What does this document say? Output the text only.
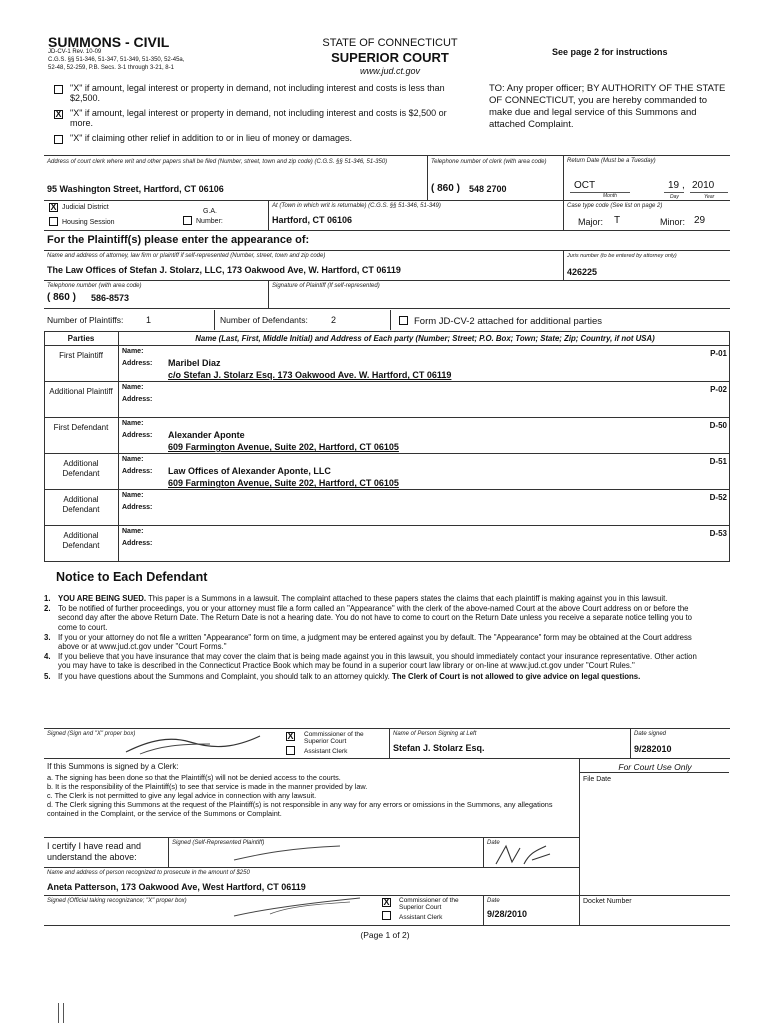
SUMMONS - CIVIL
JD-CV-1 Rev. 10-09
C.G.S. §§ 51-346, 51-347, 51-349, 51-350, 52-45a,
52-48, 52-259, P.B. Secs. 3-1 through 3-21, 8-1
STATE OF CONNECTICUT
SUPERIOR COURT
www.jud.ct.gov
See page 2 for instructions
TO: Any proper officer; BY AUTHORITY OF THE STATE OF CONNECTICUT, you are hereby commanded to make due and legal service of this Summons and attached Complaint.
"X" if amount, legal interest or property in demand, not including interest and costs is less than $2,500.
X "X" if amount, legal interest or property in demand, not including interest and costs is $2,500 or more.
"X" if claiming other relief in addition to or in lieu of money or damages.
Address of court clerk where writ and other papers shall be filed (Number, street, town and zip code) (C.G.S. §§ 51-346, 51-350)
95 Washington Street, Hartford, CT 06106
Telephone number of clerk (with area code)
( 860 ) 548 2700
Return Date (Must be a Tuesday)
OCT	19 , 2010
Month	Day	Year
X Judicial District
Housing Session
G.A.
Number:
At (Town in which writ is returnable) (C.G.S. §§ 51-346, 51-349)
Hartford, CT 06106
Case type code (See list on page 2)
Major: T	Minor: 29
For the Plaintiff(s) please enter the appearance of:
Name and address of attorney, law firm or plaintiff if self-represented (Number, street, town and zip code)
The Law Offices of Stefan J. Stolarz, LLC, 173 Oakwood Ave, W. Hartford, CT 06119
Juris number (to be entered by attorney only)
426225
Telephone number (with area code)
( 860 ) 586-8573
Signature of Plaintiff (If self-represented)
Number of Plaintiffs:	1	Number of Defendants:	2	Form JD-CV-2 attached for additional parties
Parties	Name (Last, First, Middle Initial) and Address of Each party (Number; Street; P.O. Box; Town; State; Zip; Country, if not USA)
First Plaintiff	Name:
Address: Maribel Diaz
c/o Stefan J. Stolarz Esq. 173 Oakwood Ave. W. Hartford, CT 06119
P-01
Additional Plaintiff	Name:
Address:
P-02
First Defendant	Name:
Address: Alexander Aponte
609 Farmington Avenue, Suite 202, Hartford, CT 06105
D-50
Additional Defendant
Name:
Address: Law Offices of Alexander Aponte, LLC
609 Farmington Avenue, Suite 202, Hartford, CT 06105
D-51
Additional Defendant
Name:
Address:
D-52
Additional Defendant
Name:
Address:
D-53
Notice to Each Defendant
1. YOU ARE BEING SUED. This paper is a Summons in a lawsuit. The complaint attached to these papers states the claims that each plaintiff is making against you in this lawsuit.
2. To be notified of further proceedings, you or your attorney must file a form called an "Appearance" with the clerk of the above-named Court at the above Court address on or before the second day after the above Return Date. The Return Date is not a hearing date. You do not have to come to court on the Return Date unless you receive a separate notice telling you to come to court.
3. If you or your attorney do not file a written "Appearance" form on time, a judgment may be entered against you by default. The "Appearance" form may be obtained at the Court address above or at www.jud.ct.gov under "Court Forms."
4. If you believe that you have insurance that may cover the claim that is being made against you in this lawsuit, you should immediately contact your insurance representative. Other action you may have to take is described in the Connecticut Practice Book which may be found in a superior court law library or on-line at www.jud.ct.gov under "Court Rules."
5. If you have questions about the Summons and Complaint, you should talk to an attorney quickly. The Clerk of Court is not allowed to give advice on legal questions.
Signed (Sign and "X" proper box)	X Commissioner of the Superior Court
Assistant Clerk
Name of Person Signing at Left
Stefan J. Stolarz Esq.
Date signed
9/282010
If this Summons is signed by a Clerk:
a. The signing has been done so that the Plaintiff(s) will not be denied access to the courts.
b. It is the responsibility of the Plaintiff(s) to see that service is made in the manner provided by law.
c. The Clerk is not permitted to give any legal advice in connection with any lawsuit.
d. The Clerk signing this Summons at the request of the Plaintiff(s) is not responsible in any way for any errors or omissions in the Summons, any allegations contained in the Complaint, or the service of the Summons or Complaint.
For Court Use Only
File Date
I certify I have read and understand the above:
Signed (Self-Represented Plaintiff)	Date
Name and address of person recognized to prosecute in the amount of $250
Aneta Patterson, 173 Oakwood Ave, West Hartford, CT 06119
Signed (Official taking recognizance; "X" proper box)	X Commissioner of the Superior Court
Assistant Clerk
Date
9/28/2010
Docket Number
(Page 1 of 2)
